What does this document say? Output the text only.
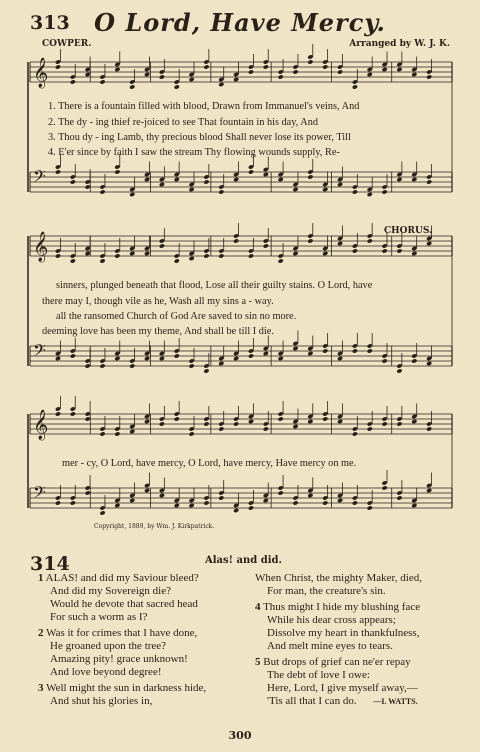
313	O Lord, Have Mercy.
COWPER.	Arranged by W. J. K.
𝄞
𝄢
𝄞
𝄢
𝄞
𝄢
1. There is a fountain filled with blood, Drawn from Immanuel's veins, And
2. The dy - ing thief re-joiced to see That fountain in his day, And
3. Thou dy - ing Lamb, thy precious blood Shall never lose its power, Till
4. E'er since by faith I saw the stream Thy flowing wounds supply, Re-
CHORUS.
sinners, plunged beneath that flood, Lose all their guilty stains. O Lord, have
there may I, though vile as he, Wash all my sins a - way.
all the ransomed Church of God Are saved to sin no more.
deeming love has been my theme, And shall be till I die.
mer - cy, O Lord, have mercy, O Lord, have mercy, Have mercy on me.
Copyright, 1889, by Wm. J. Kirkpatrick.
314	Alas! and did.
1 ALAS! and did my Saviour bleed?
And did my Sovereign die?
Would he devote that sacred head
For such a worm as I?
2 Was it for crimes that I have done,
He groaned upon the tree?
Amazing pity! grace unknown!
And love beyond degree!
3 Well might the sun in darkness hide,
And shut his glories in,
When Christ, the mighty Maker, died,
For man, the creature's sin.
4 Thus might I hide my blushing face
While his dear cross appears;
Dissolve my heart in thankfulness,
And melt mine eyes to tears.
5 But drops of grief can ne'er repay
The debt of love I owe:
Here, Lord, I give myself away,—
'Tis all that I can do. —I. WATTS.
300
